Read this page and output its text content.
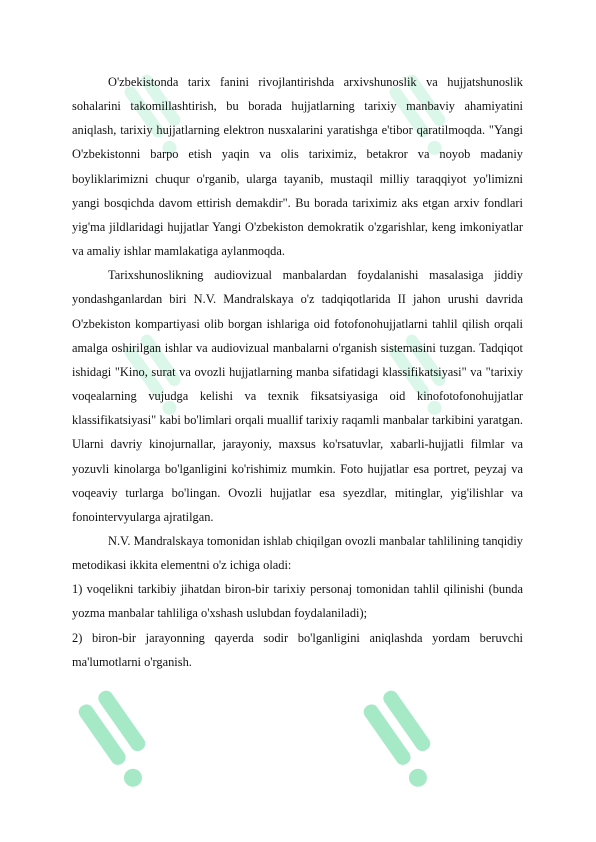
O'zbekistonda tarix fanini rivojlantirishda arxivshunoslik va hujjatshunoslik sohalarini takomillashtirish, bu borada hujjatlarning tarixiy manbaviy ahamiyatini aniqlash, tarixiy hujjatlarning elektron nusxalarini yaratishga e'tibor qaratilmoqda. "Yangi O'zbekistonni barpo etish yaqin va olis tariximiz, betakror va noyob madaniy boyliklarimizni chuqur o'rganib, ularga tayanib, mustaqil milliy taraqqiyot yo'limizni yangi bosqichda davom ettirish demakdir". Bu borada tariximiz aks etgan arxiv fondlari yig'ma jildlaridagi hujjatlar Yangi O'zbekiston demokratik o'zgarishlar, keng imkoniyatlar va amaliy ishlar mamlakatiga aylanmoqda.

Tarixshunoslikning audiovizual manbalardan foydalanishi masalasiga jiddiy yondashganlardan biri N.V. Mandralskaya o'z tadqiqotlarida II jahon urushi davrida O'zbekiston kompartiyasi olib borgan ishlariga oid fotofonohujjatlarni tahlil qilish orqali amalga oshirilgan ishlar va audiovizual manbalarni o'rganish sistemasini tuzgan. Tadqiqot ishidagi "Kino, surat va ovozli hujjatlarning manba sifatidagi klassifikatsiyasi" va "tarixiy voqealarning vujudga kelishi va texnik fiksatsiyasiga oid kinofotofonohujjatlar klassifikatsiyasi" kabi bo'limlari orqali muallif tarixiy raqamli manbalar tarkibini yaratgan. Ularni davriy kinojurnallar, jarayoniy, maxsus ko'rsatuvlar, xabarli-hujjatli filmlar va yozuvli kinolarga bo'lganligini ko'rishimiz mumkin. Foto hujjatlar esa portret, peyzaj va voqeaviy turlarga bo'lingan. Ovozli hujjatlar esa syezdlar, mitinglar, yig'ilishlar va fonointervyularga ajratilgan.

N.V. Mandralskaya tomonidan ishlab chiqilgan ovozli manbalar tahlilining tanqidiy metodikasi ikkita elementni o'z ichiga oladi:

1) voqelikni tarkibiy jihatdan biron-bir tarixiy personaj tomonidan tahlil qilinishi (bunda yozma manbalar tahliliga o'xshash uslubdan foydalaniladi);

2) biron-bir jarayonning qayerda sodir bo'lganligini aniqlashda yordam beruvchi ma'lumotlarni o'rganish.
